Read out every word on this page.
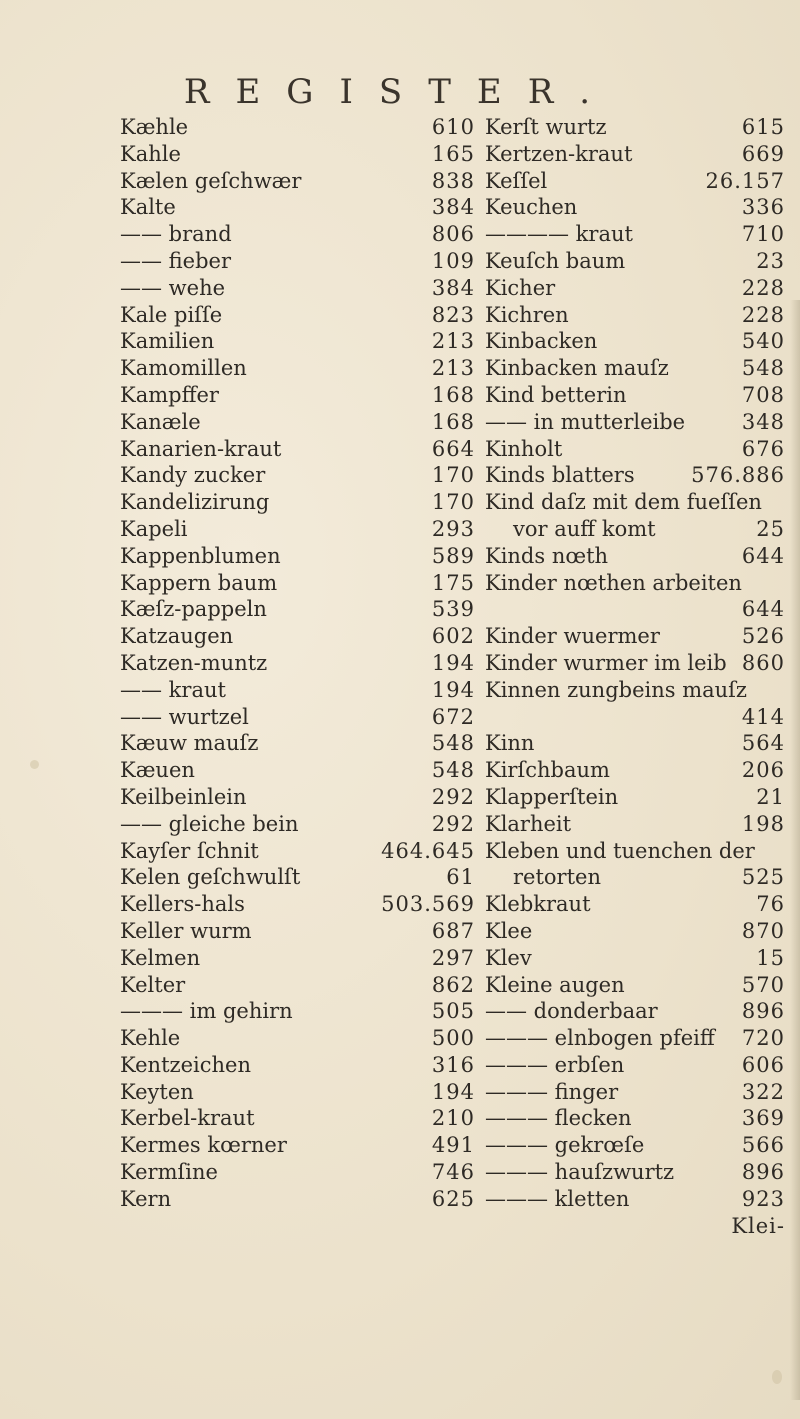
REGISTER.
Kæhle	610
Kahle	165
Kælen geſchwær	838
Kalte	384
—— brand	806
—— fieber	109
—— wehe	384
Kale piſſe	823
Kamilien	213
Kamomillen	213
Kampffer	168
Kanæle	168
Kanarien-kraut	664
Kandy zucker	170
Kandelizirung	170
Kapeli	293
Kappenblumen	589
Kappern baum	175
Kæſz-pappeln	539
Katzaugen	602
Katzen-muntz	194
—— kraut	194
—— wurtzel	672
Kæuw mauſz	548
Kæuen	548
Keilbeinlein	292
—— gleiche bein	292
Kayſer ſchnit	464.645
Kelen geſchwulſt	61
Kellers-hals	503.569
Keller wurm	687
Kelmen	297
Kelter	862
——— im gehirn	505
Kehle	500
Kentzeichen	316
Keyten	194
Kerbel-kraut	210
Kermes kœrner	491
Kermſine	746
Kern	625
Kerſt wurtz	615
Kertzen-kraut	669
Keſſel	26.157
Keuchen	336
———— kraut	710
Keuſch baum	23
Kicher	228
Kichren	228
Kinbacken	540
Kinbacken mauſz	548
Kind betterin	708
—— in mutterleibe	348
Kinholt	676
Kinds blatters	576.886
Kind daſz mit dem fueſſen
vor auff komt	25
Kinds nœth	644
Kinder nœthen arbeiten
644
Kinder wuermer	526
Kinder wurmer im leib 860
Kinnen zungbeins mauſz
414
Kinn	564
Kirſchbaum	206
Klapperſtein	21
Klarheit	198
Kleben und tuenchen der
retorten	525
Klebkraut	76
Klee	870
Klev	15
Kleine augen	570
—— donderbaar	896
——— elnbogen pfeiff 720
——— erbſen	606
——— finger	322
——— flecken	369
——— gekrœſe	566
——— hauſzwurtz	896
——— kletten	923
Klei-
